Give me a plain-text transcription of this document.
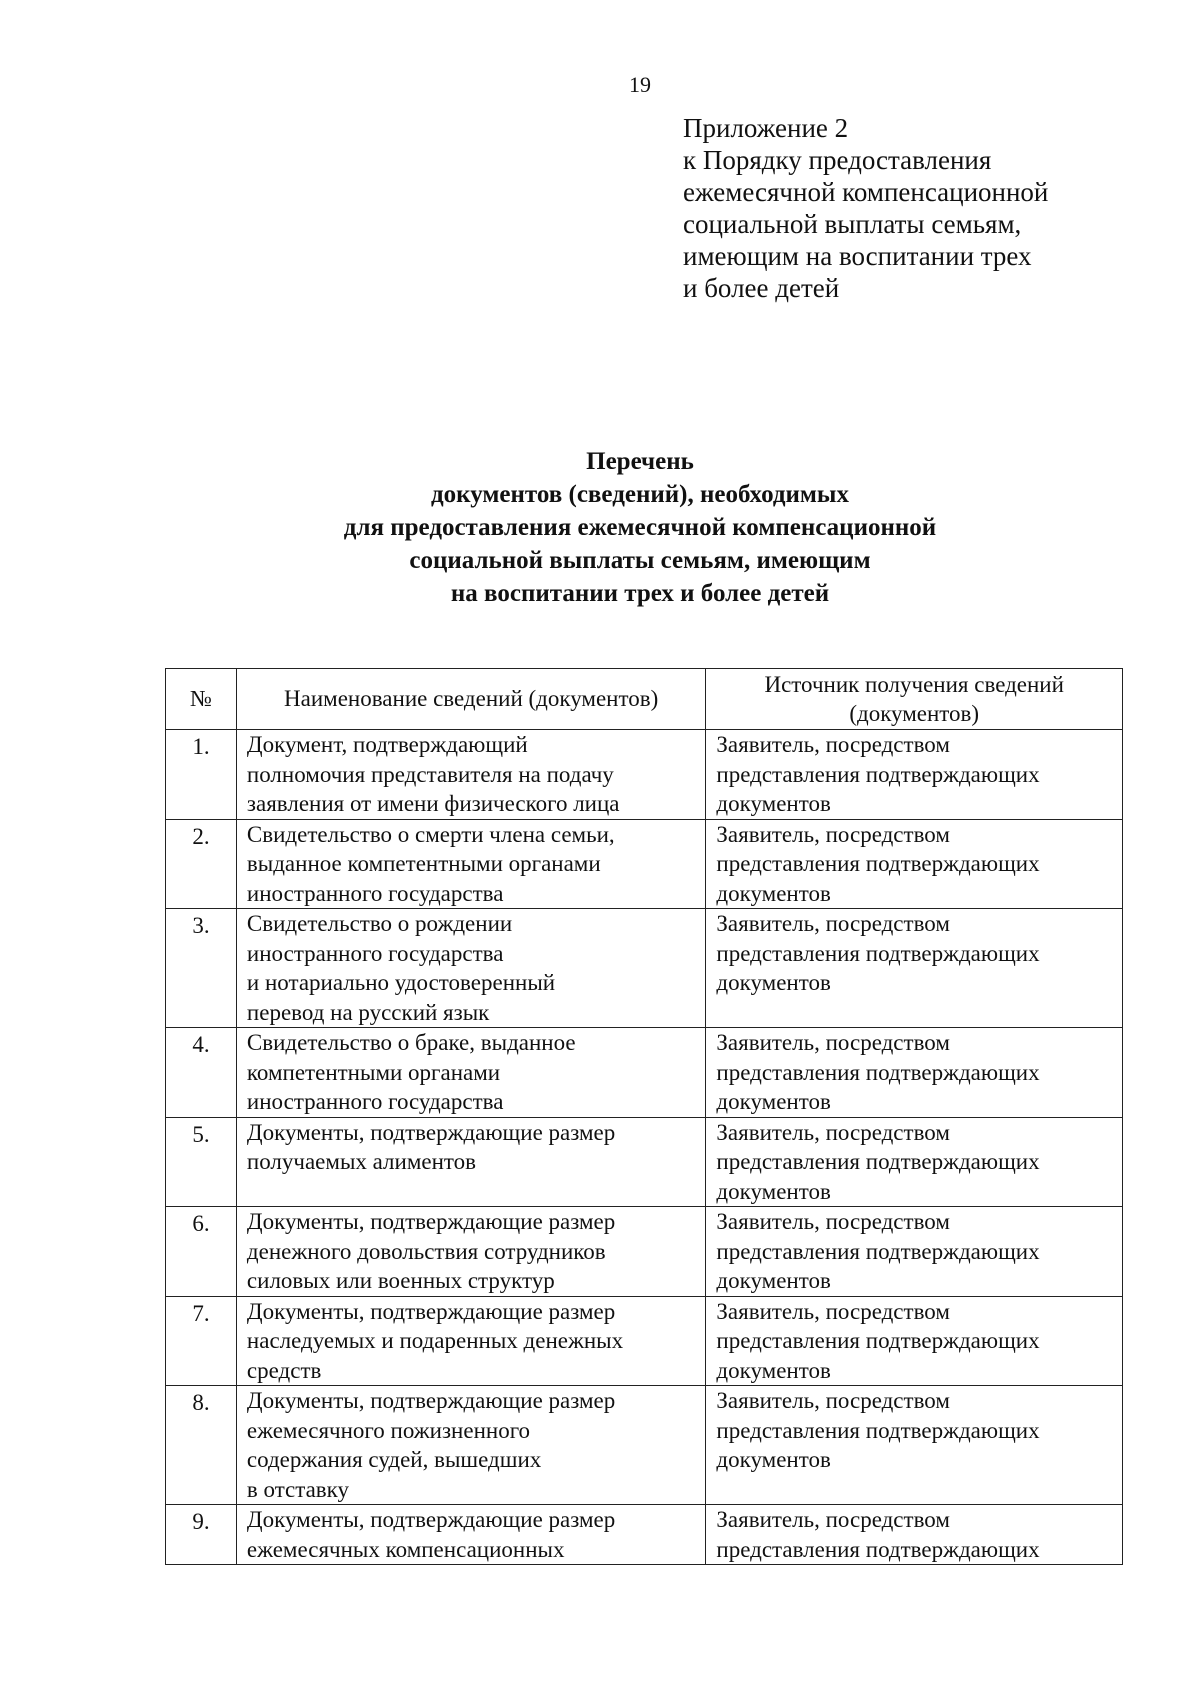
19
Приложение 2
к Порядку предоставления
ежемесячной компенсационной
социальной выплаты семьям,
имеющим на воспитании трех
и более детей
Перечень
документов (сведений), необходимых
для предоставления ежемесячной компенсационной
социальной выплаты семьям, имеющим
на воспитании трех и более детей
№	Наименование сведений (документов)	Источник получения сведений (документов)
1.	Документ, подтверждающий
полномочия представителя на подачу
заявления от имени физического лица	Заявитель, посредством
представления подтверждающих
документов
2.	Свидетельство о смерти члена семьи,
выданное компетентными органами
иностранного государства	Заявитель, посредством
представления подтверждающих
документов
3.	Свидетельство о рождении
иностранного государства
и нотариально удостоверенный
перевод на русский язык	Заявитель, посредством
представления подтверждающих
документов
4.	Свидетельство о браке, выданное
компетентными органами
иностранного государства	Заявитель, посредством
представления подтверждающих
документов
5.	Документы, подтверждающие размер
получаемых алиментов	Заявитель, посредством
представления подтверждающих
документов
6.	Документы, подтверждающие размер
денежного довольствия сотрудников
силовых или военных структур	Заявитель, посредством
представления подтверждающих
документов
7.	Документы, подтверждающие размер
наследуемых и подаренных денежных
средств	Заявитель, посредством
представления подтверждающих
документов
8.	Документы, подтверждающие размер
ежемесячного пожизненного
содержания судей, вышедших
в отставку	Заявитель, посредством
представления подтверждающих
документов
9.	Документы, подтверждающие размер
ежемесячных компенсационных	Заявитель, посредством
представления подтверждающих
